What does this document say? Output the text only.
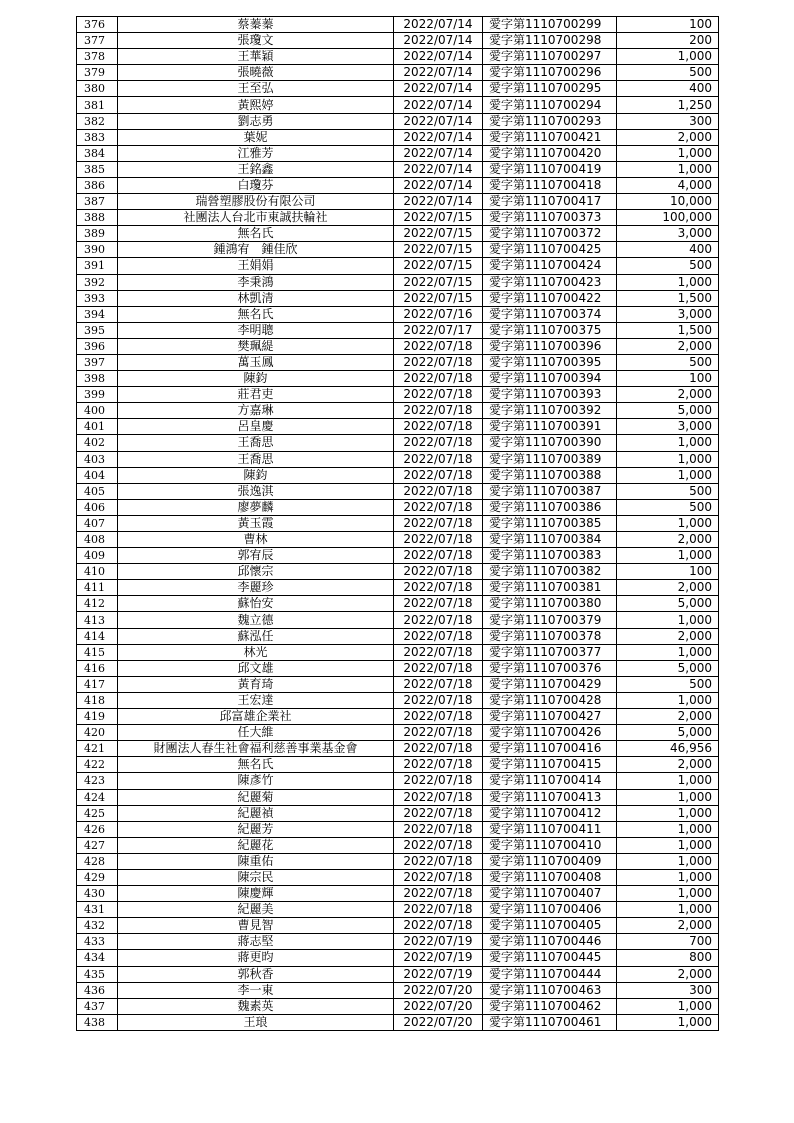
376	蔡蓁蓁	2022/07/14	愛字第1110700299	100
377	張瓊文	2022/07/14	愛字第1110700298	200
378	王華穎	2022/07/14	愛字第1110700297	1,000
379	張曉薇	2022/07/14	愛字第1110700296	500
380	王至弘	2022/07/14	愛字第1110700295	400
381	黃熙婷	2022/07/14	愛字第1110700294	1,250
382	劉志勇	2022/07/14	愛字第1110700293	300
383	葉妮	2022/07/14	愛字第1110700421	2,000
384	江雅芳	2022/07/14	愛字第1110700420	1,000
385	王銘鑫	2022/07/14	愛字第1110700419	1,000
386	白瓊芬	2022/07/14	愛字第1110700418	4,000
387	瑞營塑膠股份有限公司	2022/07/14	愛字第1110700417	10,000
388	社團法人台北市東誠扶輪社	2022/07/15	愛字第1110700373	100,000
389	無名氏	2022/07/15	愛字第1110700372	3,000
390	鍾鴻宥　鍾佳欣	2022/07/15	愛字第1110700425	400
391	王娟娟	2022/07/15	愛字第1110700424	500
392	李秉鴻	2022/07/15	愛字第1110700423	1,000
393	林凱清	2022/07/15	愛字第1110700422	1,500
394	無名氏	2022/07/16	愛字第1110700374	3,000
395	李明聰	2022/07/17	愛字第1110700375	1,500
396	樊珮緹	2022/07/18	愛字第1110700396	2,000
397	萬玉鳳	2022/07/18	愛字第1110700395	500
398	陳鈞	2022/07/18	愛字第1110700394	100
399	莊君吏	2022/07/18	愛字第1110700393	2,000
400	方嘉琳	2022/07/18	愛字第1110700392	5,000
401	呂皇慶	2022/07/18	愛字第1110700391	3,000
402	王喬思	2022/07/18	愛字第1110700390	1,000
403	王喬思	2022/07/18	愛字第1110700389	1,000
404	陳鈞	2022/07/18	愛字第1110700388	1,000
405	張逸淇	2022/07/18	愛字第1110700387	500
406	廖夢麟	2022/07/18	愛字第1110700386	500
407	黃玉霞	2022/07/18	愛字第1110700385	1,000
408	曹林	2022/07/18	愛字第1110700384	2,000
409	郭宥辰	2022/07/18	愛字第1110700383	1,000
410	邱懷宗	2022/07/18	愛字第1110700382	100
411	李麗珍	2022/07/18	愛字第1110700381	2,000
412	蘇怡安	2022/07/18	愛字第1110700380	5,000
413	魏立德	2022/07/18	愛字第1110700379	1,000
414	蘇泓任	2022/07/18	愛字第1110700378	2,000
415	林光	2022/07/18	愛字第1110700377	1,000
416	邱文雄	2022/07/18	愛字第1110700376	5,000
417	黃育琦	2022/07/18	愛字第1110700429	500
418	王宏達	2022/07/18	愛字第1110700428	1,000
419	邱富雄企業社	2022/07/18	愛字第1110700427	2,000
420	任大維	2022/07/18	愛字第1110700426	5,000
421	財團法人春生社會福利慈善事業基金會	2022/07/18	愛字第1110700416	46,956
422	無名氏	2022/07/18	愛字第1110700415	2,000
423	陳彥竹	2022/07/18	愛字第1110700414	1,000
424	紀麗菊	2022/07/18	愛字第1110700413	1,000
425	紀麗禎	2022/07/18	愛字第1110700412	1,000
426	紀麗芳	2022/07/18	愛字第1110700411	1,000
427	紀麗花	2022/07/18	愛字第1110700410	1,000
428	陳重佑	2022/07/18	愛字第1110700409	1,000
429	陳宗民	2022/07/18	愛字第1110700408	1,000
430	陳慶輝	2022/07/18	愛字第1110700407	1,000
431	紀麗美	2022/07/18	愛字第1110700406	1,000
432	曹見智	2022/07/18	愛字第1110700405	2,000
433	蔣志堅	2022/07/19	愛字第1110700446	700
434	蔣更昀	2022/07/19	愛字第1110700445	800
435	郭秋香	2022/07/19	愛字第1110700444	2,000
436	李一東	2022/07/20	愛字第1110700463	300
437	魏素英	2022/07/20	愛字第1110700462	1,000
438	王琅	2022/07/20	愛字第1110700461	1,000
